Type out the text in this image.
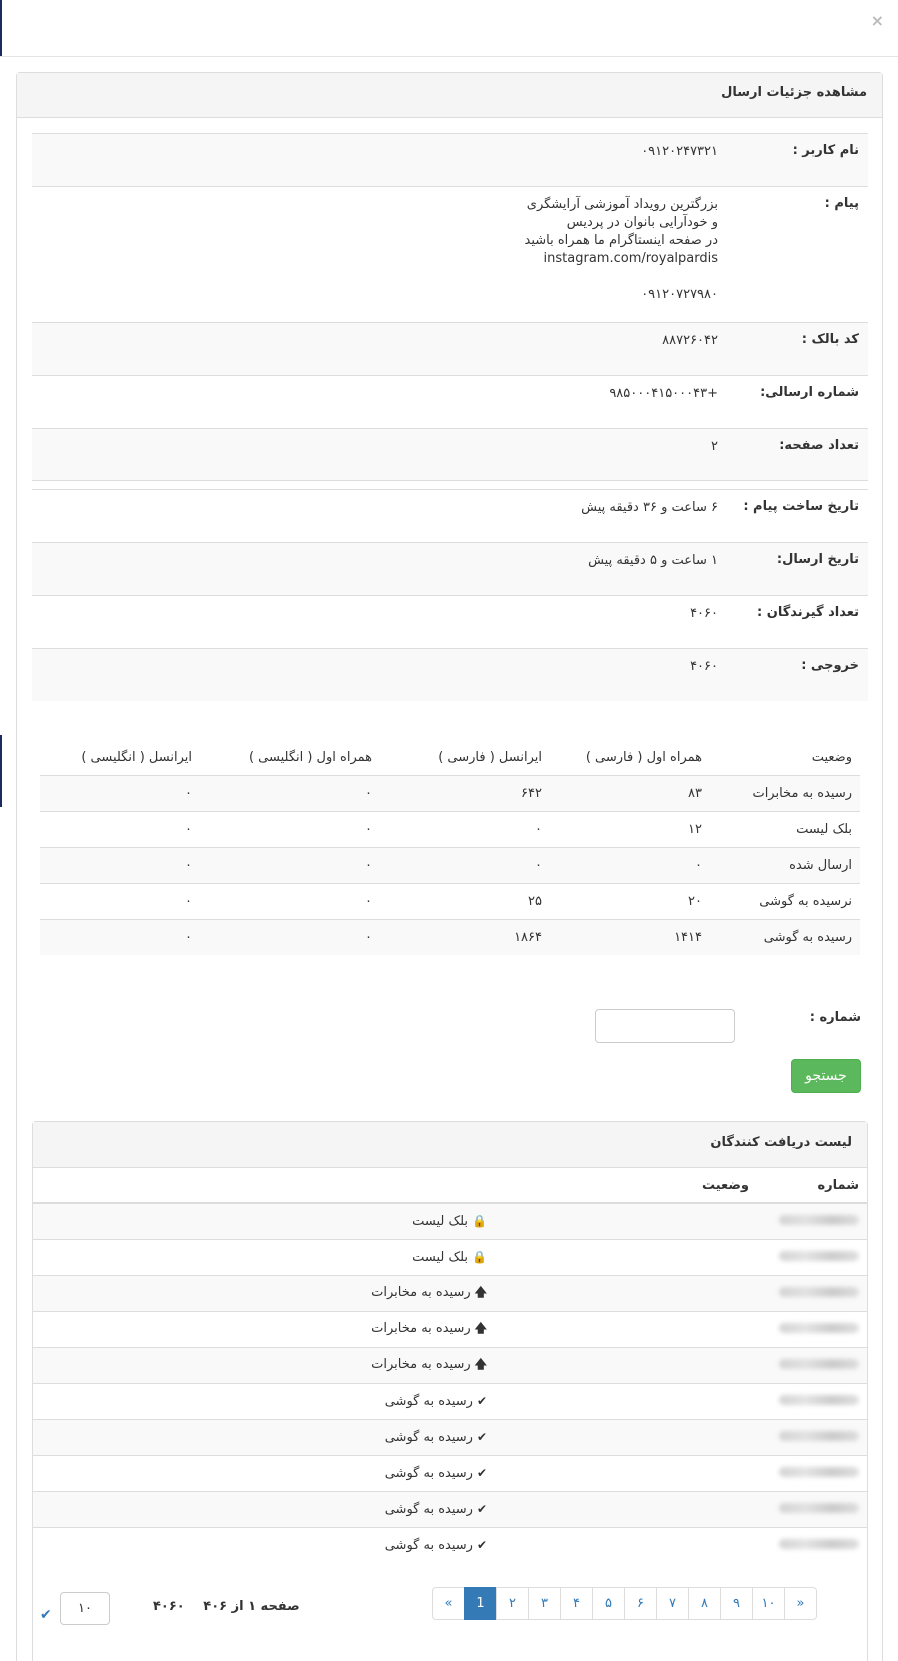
×
مشاهده جزئیات ارسال
نام کاربر :
۰۹۱۲۰۲۴۷۳۲۱
پیام :
بزرگترین رویداد آموزشی آرایشگری
و خودآرایی بانوان در پردیس
در صفحه اینستاگرام ما همراه باشید
instagram.com/royalpardis

۰۹۱۲۰۷۲۷۹۸۰
کد بالک :
۸۸۷۲۶۰۴۲
شماره ارسالی:
+۹۸۵۰۰۰۴۱۵۰۰۰۴۳
تعداد صفحه:
۲
تاریخ ساخت پیام :
۶ ساعت و ۳۶ دقیقه پیش
تاریخ ارسال:
۱ ساعت و ۵ دقیقه پیش
تعداد گیرندگان :
۴۰۶۰
خروجی :
۴۰۶۰
وضعیت	همراه اول ( فارسی )	ایرانسل ( فارسی )	همراه اول ( انگلیسی )	ایرانسل ( انگلیسی )
رسیده به مخابرات	۸۳	۶۴۲	۰	۰
بلک لیست	۱۲	۰	۰	۰
ارسال شده	۰	۰	۰	۰
نرسیده به گوشی	۲۰	۲۵	۰	۰
رسیده به گوشی	۱۴۱۴	۱۸۶۴	۰	۰
شماره :
جستجو
لیست دریافت کنندگان
شماره	وضعیت
	🔒بلک لیست
	🔒بلک لیست
	🡅رسیده به مخابرات
	🡅رسیده به مخابرات
	🡅رسیده به مخابرات
	✔رسیده به گوشی
	✔رسیده به گوشی
	✔رسیده به گوشی
	✔رسیده به گوشی
	✔رسیده به گوشی
«	1	۲	۳	۴	۵	۶	۷	۸	۹	۱۰	»
صفحه ۱ از ۴۰۶ ۴۰۶۰
۱۰
✔
